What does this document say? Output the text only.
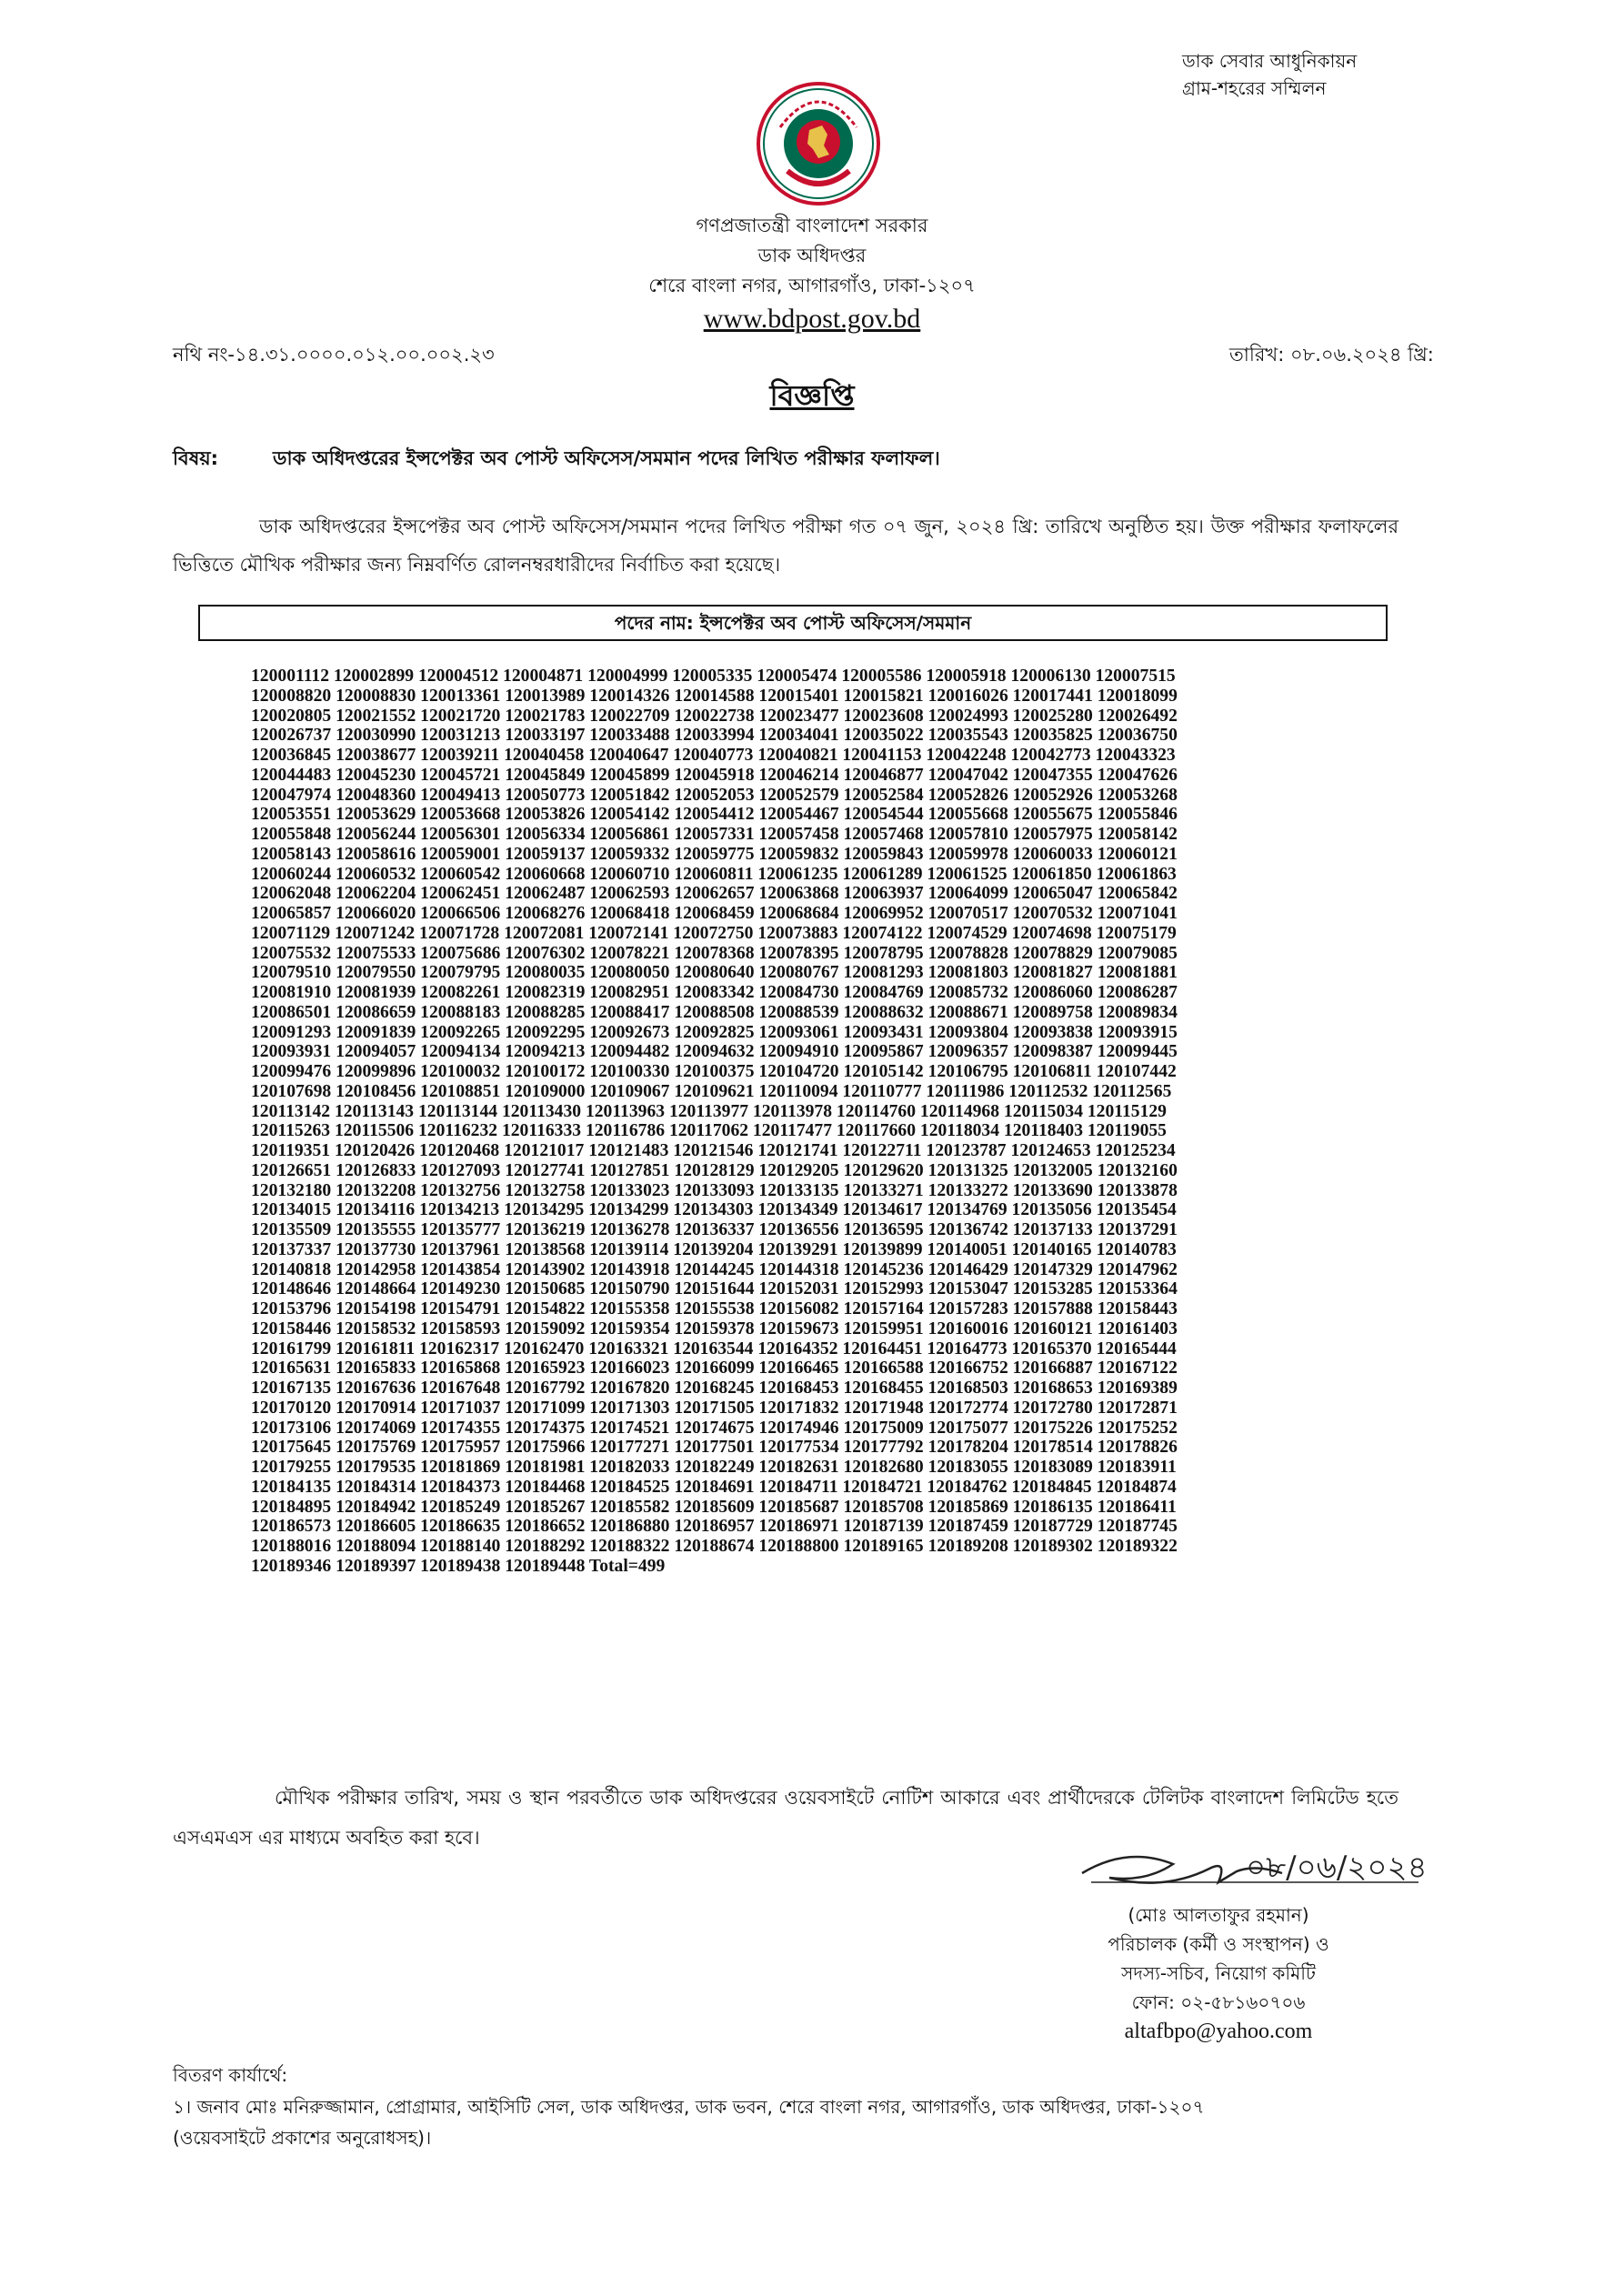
ডাক সেবার আধুনিকায়ন
গ্রাম-শহরের সম্মিলন
গণপ্রজাতন্ত্রী বাংলাদেশ সরকার
ডাক অধিদপ্তর
শেরে বাংলা নগর, আগারগাঁও, ঢাকা-১২০৭
www.bdpost.gov.bd
নথি নং-১৪.৩১.০০০০.০১২.০০.০০২.২৩	তারিখ: ০৮.০৬.২০২৪ খ্রি:
বিজ্ঞপ্তি
বিষয়:	ডাক অধিদপ্তরের ইন্সপেক্টর অব পোস্ট অফিসেস/সমমান পদের লিখিত পরীক্ষার ফলাফল।
ডাক অধিদপ্তরের ইন্সপেক্টর অব পোস্ট অফিসেস/সমমান পদের লিখিত পরীক্ষা গত ০৭ জুন, ২০২৪ খ্রি: তারিখে অনুষ্ঠিত হয়। উক্ত পরীক্ষার ফলাফলের ভিত্তিতে মৌখিক পরীক্ষার জন্য নিম্নবর্ণিত রোলনম্বরধারীদের নির্বাচিত করা হয়েছে।
পদের নাম: ইন্সপেক্টর অব পোস্ট অফিসেস/সমমান
120001112 120002899 120004512 120004871 120004999 120005335 120005474 120005586 120005918 120006130 120007515
120008820 120008830 120013361 120013989 120014326 120014588 120015401 120015821 120016026 120017441 120018099
120020805 120021552 120021720 120021783 120022709 120022738 120023477 120023608 120024993 120025280 120026492
120026737 120030990 120031213 120033197 120033488 120033994 120034041 120035022 120035543 120035825 120036750
120036845 120038677 120039211 120040458 120040647 120040773 120040821 120041153 120042248 120042773 120043323
120044483 120045230 120045721 120045849 120045899 120045918 120046214 120046877 120047042 120047355 120047626
120047974 120048360 120049413 120050773 120051842 120052053 120052579 120052584 120052826 120052926 120053268
120053551 120053629 120053668 120053826 120054142 120054412 120054467 120054544 120055668 120055675 120055846
120055848 120056244 120056301 120056334 120056861 120057331 120057458 120057468 120057810 120057975 120058142
120058143 120058616 120059001 120059137 120059332 120059775 120059832 120059843 120059978 120060033 120060121
120060244 120060532 120060542 120060668 120060710 120060811 120061235 120061289 120061525 120061850 120061863
120062048 120062204 120062451 120062487 120062593 120062657 120063868 120063937 120064099 120065047 120065842
120065857 120066020 120066506 120068276 120068418 120068459 120068684 120069952 120070517 120070532 120071041
120071129 120071242 120071728 120072081 120072141 120072750 120073883 120074122 120074529 120074698 120075179
120075532 120075533 120075686 120076302 120078221 120078368 120078395 120078795 120078828 120078829 120079085
120079510 120079550 120079795 120080035 120080050 120080640 120080767 120081293 120081803 120081827 120081881
120081910 120081939 120082261 120082319 120082951 120083342 120084730 120084769 120085732 120086060 120086287
120086501 120086659 120088183 120088285 120088417 120088508 120088539 120088632 120088671 120089758 120089834
120091293 120091839 120092265 120092295 120092673 120092825 120093061 120093431 120093804 120093838 120093915
120093931 120094057 120094134 120094213 120094482 120094632 120094910 120095867 120096357 120098387 120099445
120099476 120099896 120100032 120100172 120100330 120100375 120104720 120105142 120106795 120106811 120107442
120107698 120108456 120108851 120109000 120109067 120109621 120110094 120110777 120111986 120112532 120112565
120113142 120113143 120113144 120113430 120113963 120113977 120113978 120114760 120114968 120115034 120115129
120115263 120115506 120116232 120116333 120116786 120117062 120117477 120117660 120118034 120118403 120119055
120119351 120120426 120120468 120121017 120121483 120121546 120121741 120122711 120123787 120124653 120125234
120126651 120126833 120127093 120127741 120127851 120128129 120129205 120129620 120131325 120132005 120132160
120132180 120132208 120132756 120132758 120133023 120133093 120133135 120133271 120133272 120133690 120133878
120134015 120134116 120134213 120134295 120134299 120134303 120134349 120134617 120134769 120135056 120135454
120135509 120135555 120135777 120136219 120136278 120136337 120136556 120136595 120136742 120137133 120137291
120137337 120137730 120137961 120138568 120139114 120139204 120139291 120139899 120140051 120140165 120140783
120140818 120142958 120143854 120143902 120143918 120144245 120144318 120145236 120146429 120147329 120147962
120148646 120148664 120149230 120150685 120150790 120151644 120152031 120152993 120153047 120153285 120153364
120153796 120154198 120154791 120154822 120155358 120155538 120156082 120157164 120157283 120157888 120158443
120158446 120158532 120158593 120159092 120159354 120159378 120159673 120159951 120160016 120160121 120161403
120161799 120161811 120162317 120162470 120163321 120163544 120164352 120164451 120164773 120165370 120165444
120165631 120165833 120165868 120165923 120166023 120166099 120166465 120166588 120166752 120166887 120167122
120167135 120167636 120167648 120167792 120167820 120168245 120168453 120168455 120168503 120168653 120169389
120170120 120170914 120171037 120171099 120171303 120171505 120171832 120171948 120172774 120172780 120172871
120173106 120174069 120174355 120174375 120174521 120174675 120174946 120175009 120175077 120175226 120175252
120175645 120175769 120175957 120175966 120177271 120177501 120177534 120177792 120178204 120178514 120178826
120179255 120179535 120181869 120181981 120182033 120182249 120182631 120182680 120183055 120183089 120183911
120184135 120184314 120184373 120184468 120184525 120184691 120184711 120184721 120184762 120184845 120184874
120184895 120184942 120185249 120185267 120185582 120185609 120185687 120185708 120185869 120186135 120186411
120186573 120186605 120186635 120186652 120186880 120186957 120186971 120187139 120187459 120187729 120187745
120188016 120188094 120188140 120188292 120188322 120188674 120188800 120189165 120189208 120189302 120189322
120189346 120189397 120189438 120189448 Total=499
মৌখিক পরীক্ষার তারিখ, সময় ও স্থান পরবর্তীতে ডাক অধিদপ্তরের ওয়েবসাইটে নোটিশ আকারে এবং প্রার্থীদেরকে টেলিটক বাংলাদেশ লিমিটেড হতে এসএমএস এর মাধ্যমে অবহিত করা হবে।
০৮/০৬/২০২৪
(মোঃ আলতাফুর রহমান)
পরিচালক (কর্মী ও সংস্থাপন) ও
সদস্য-সচিব, নিয়োগ কমিটি
ফোন: ০২-৫৮১৬০৭০৬
altafbpo@yahoo.com
বিতরণ কার্যার্থে:
১। জনাব মোঃ মনিরুজ্জামান, প্রোগ্রামার, আইসিটি সেল, ডাক অধিদপ্তর, ডাক ভবন, শেরে বাংলা নগর, আগারগাঁও, ডাক অধিদপ্তর, ঢাকা-১২০৭
(ওয়েবসাইটে প্রকাশের অনুরোধসহ)।
